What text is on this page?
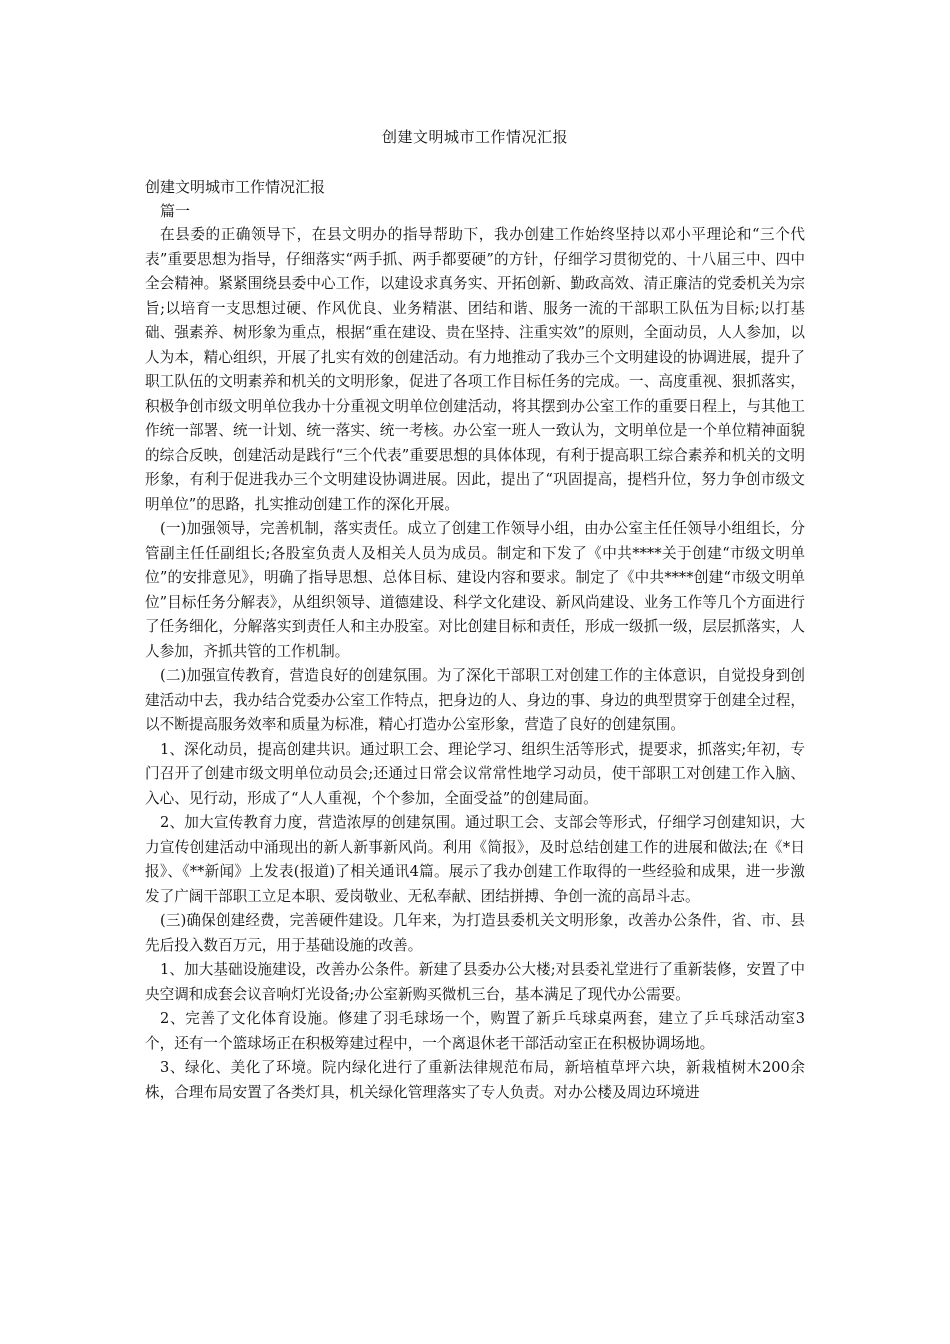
创建文明城市工作情况汇报

创建文明城市工作情况汇报

篇一

在县委的正确领导下，在县文明办的指导帮助下，我办创建工作始终坚持以邓小平理论和“三个代表”重要思想为指导，仔细落实“两手抓、两手都要硬”的方针，仔细学习贯彻党的、十八届三中、四中全会精神。紧紧围绕县委中心工作，以建设求真务实、开拓创新、勤政高效、清正廉洁的党委机关为宗旨;以培育一支思想过硬、作风优良、业务精湛、团结和谐、服务一流的干部职工队伍为目标;以打基础、强素养、树形象为重点，根据“重在建设、贵在坚持、注重实效”的原则，全面动员，人人参加，以人为本，精心组织，开展了扎实有效的创建活动。有力地推动了我办三个文明建设的协调进展，提升了职工队伍的文明素养和机关的文明形象，促进了各项工作目标任务的完成。一、高度重视、狠抓落实，积极争创市级文明单位我办十分重视文明单位创建活动，将其摆到办公室工作的重要日程上，与其他工作统一部署、统一计划、统一落实、统一考核。办公室一班人一致认为，文明单位是一个单位精神面貌的综合反映，创建活动是践行“三个代表”重要思想的具体体现，有利于提高职工综合素养和机关的文明形象，有利于促进我办三个文明建设协调进展。因此，提出了“巩固提高，提档升位，努力争创市级文明单位”的思路，扎实推动创建工作的深化开展。

(一)加强领导，完善机制，落实责任。成立了创建工作领导小组，由办公室主任任领导小组组长，分管副主任任副组长;各股室负责人及相关人员为成员。制定和下发了《中共****关于创建“市级文明单位”的安排意见》，明确了指导思想、总体目标、建设内容和要求。制定了《中共****创建“市级文明单位”目标任务分解表》，从组织领导、道德建设、科学文化建设、新风尚建设、业务工作等几个方面进行了任务细化，分解落实到责任人和主办股室。对比创建目标和责任，形成一级抓一级，层层抓落实，人人参加，齐抓共管的工作机制。

(二)加强宣传教育，营造良好的创建氛围。为了深化干部职工对创建工作的主体意识，自觉投身到创建活动中去，我办结合党委办公室工作特点，把身边的人、身边的事、身边的典型贯穿于创建全过程，以不断提高服务效率和质量为标准，精心打造办公室形象，营造了良好的创建氛围。

1、深化动员，提高创建共识。通过职工会、理论学习、组织生活等形式，提要求，抓落实;年初，专门召开了创建市级文明单位动员会;还通过日常会议常常性地学习动员，使干部职工对创建工作入脑、入心、见行动，形成了“人人重视，个个参加，全面受益”的创建局面。

2、加大宣传教育力度，营造浓厚的创建氛围。通过职工会、支部会等形式，仔细学习创建知识，大力宣传创建活动中涌现出的新人新事新风尚。利用《简报》，及时总结创建工作的进展和做法;在《*日报》、《**新闻》上发表(报道)了相关通讯4篇。展示了我办创建工作取得的一些经验和成果，进一步激发了广阔干部职工立足本职、爱岗敬业、无私奉献、团结拼搏、争创一流的高昂斗志。

(三)确保创建经费，完善硬件建设。几年来，为打造县委机关文明形象，改善办公条件，省、市、县先后投入数百万元，用于基础设施的改善。

1、加大基础设施建设，改善办公条件。新建了县委办公大楼;对县委礼堂进行了重新装修，安置了中央空调和成套会议音响灯光设备;办公室新购买微机三台，基本满足了现代办公需要。

2、完善了文化体育设施。修建了羽毛球场一个，购置了新乒乓球桌两套，建立了乒乓球活动室3个，还有一个篮球场正在积极筹建过程中，一个离退休老干部活动室正在积极协调场地。

3、绿化、美化了环境。院内绿化进行了重新法律规范布局，新培植草坪六块，新栽植树木200余株，合理布局安置了各类灯具，机关绿化管理落实了专人负责。对办公楼及周边环境进
